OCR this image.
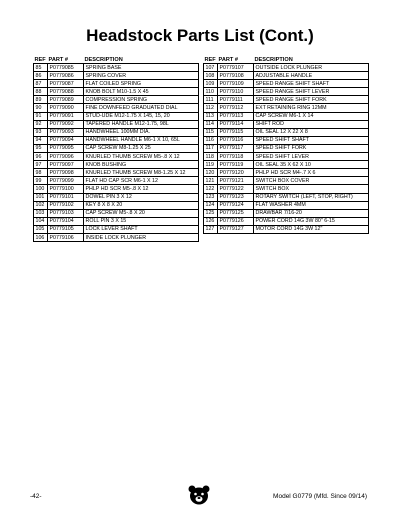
Headstock Parts List (Cont.)
REF	PART #	DESCRIPTION
85	P0779085	SPRING BASE
86	P0779086	SPRING COVER
87	P0779087	FLAT COILED SPRING
88	P0779088	KNOB BOLT M10-1.5 X 45
89	P0779089	COMPRESSION SPRING
90	P0779090	FINE DOWNFEED GRADUATED DIAL
91	P0779091	STUD-UDE M12-1.75 X 145, 15, 20
92	P0779092	TAPERED HANDLE M12-1.75, 98L
93	P0779093	HANDWHEEL 100MM DIA.
94	P0779094	HANDWHEEL HANDLE M6-1 X 10, 65L
95	P0779095	CAP SCREW M8-1.25 X 25
96	P0779096	KNURLED THUMB SCREW M5-.8 X 12
97	P0779097	KNOB BUSHING
98	P0779098	KNURLED THUMB SCREW M8-1.25 X 12
99	P0779099	FLAT HD CAP SCR M6-1 X 12
100	P0779100	PHLP HD SCR M5-.8 X 12
101	P0779101	DOWEL PIN 3 X 12
102	P0779102	KEY 8 X 8 X 20
103	P0779103	CAP SCREW M5-.8 X 20
104	P0779104	ROLL PIN 3 X 15
105	P0779105	LOCK LEVER SHAFT
106	P0779106	INSIDE LOCK PLUNGER
REF	PART #	DESCRIPTION
107	P0779107	OUTSIDE LOCK PLUNGER
108	P0779108	ADJUSTABLE HANDLE
109	P0779109	SPEED RANGE SHIFT SHAFT
110	P0779110	SPEED RANGE SHIFT LEVER
111	P0779111	SPEED RANGE SHIFT FORK
112	P0779112	EXT RETAINING RING 12MM
113	P0779113	CAP SCREW M6-1 X 14
114	P0779114	SHIFT ROD
115	P0779115	OIL SEAL 12 X 22 X 8
116	P0779116	SPEED SHIFT SHAFT
117	P0779117	SPEED SHIFT FORK
118	P0779118	SPEED SHIFT LEVER
119	P0779119	OIL SEAL 35 X 62 X 10
120	P0779120	PHLP HD SCR M4-.7 X 6
121	P0779121	SWITCH BOX COVER
122	P0779122	SWITCH BOX
123	P0779123	ROTARY SWITCH (LEFT, STOP, RIGHT)
124	P0779124	FLAT WASHER 4MM
125	P0779125	DRAWBAR 7/16-20
126	P0779126	POWER CORD 14G 3W 80" 6-15
127	P0779127	MOTOR CORD 14G 3W 12"
-42-	Model G0779 (Mfd. Since 09/14)
